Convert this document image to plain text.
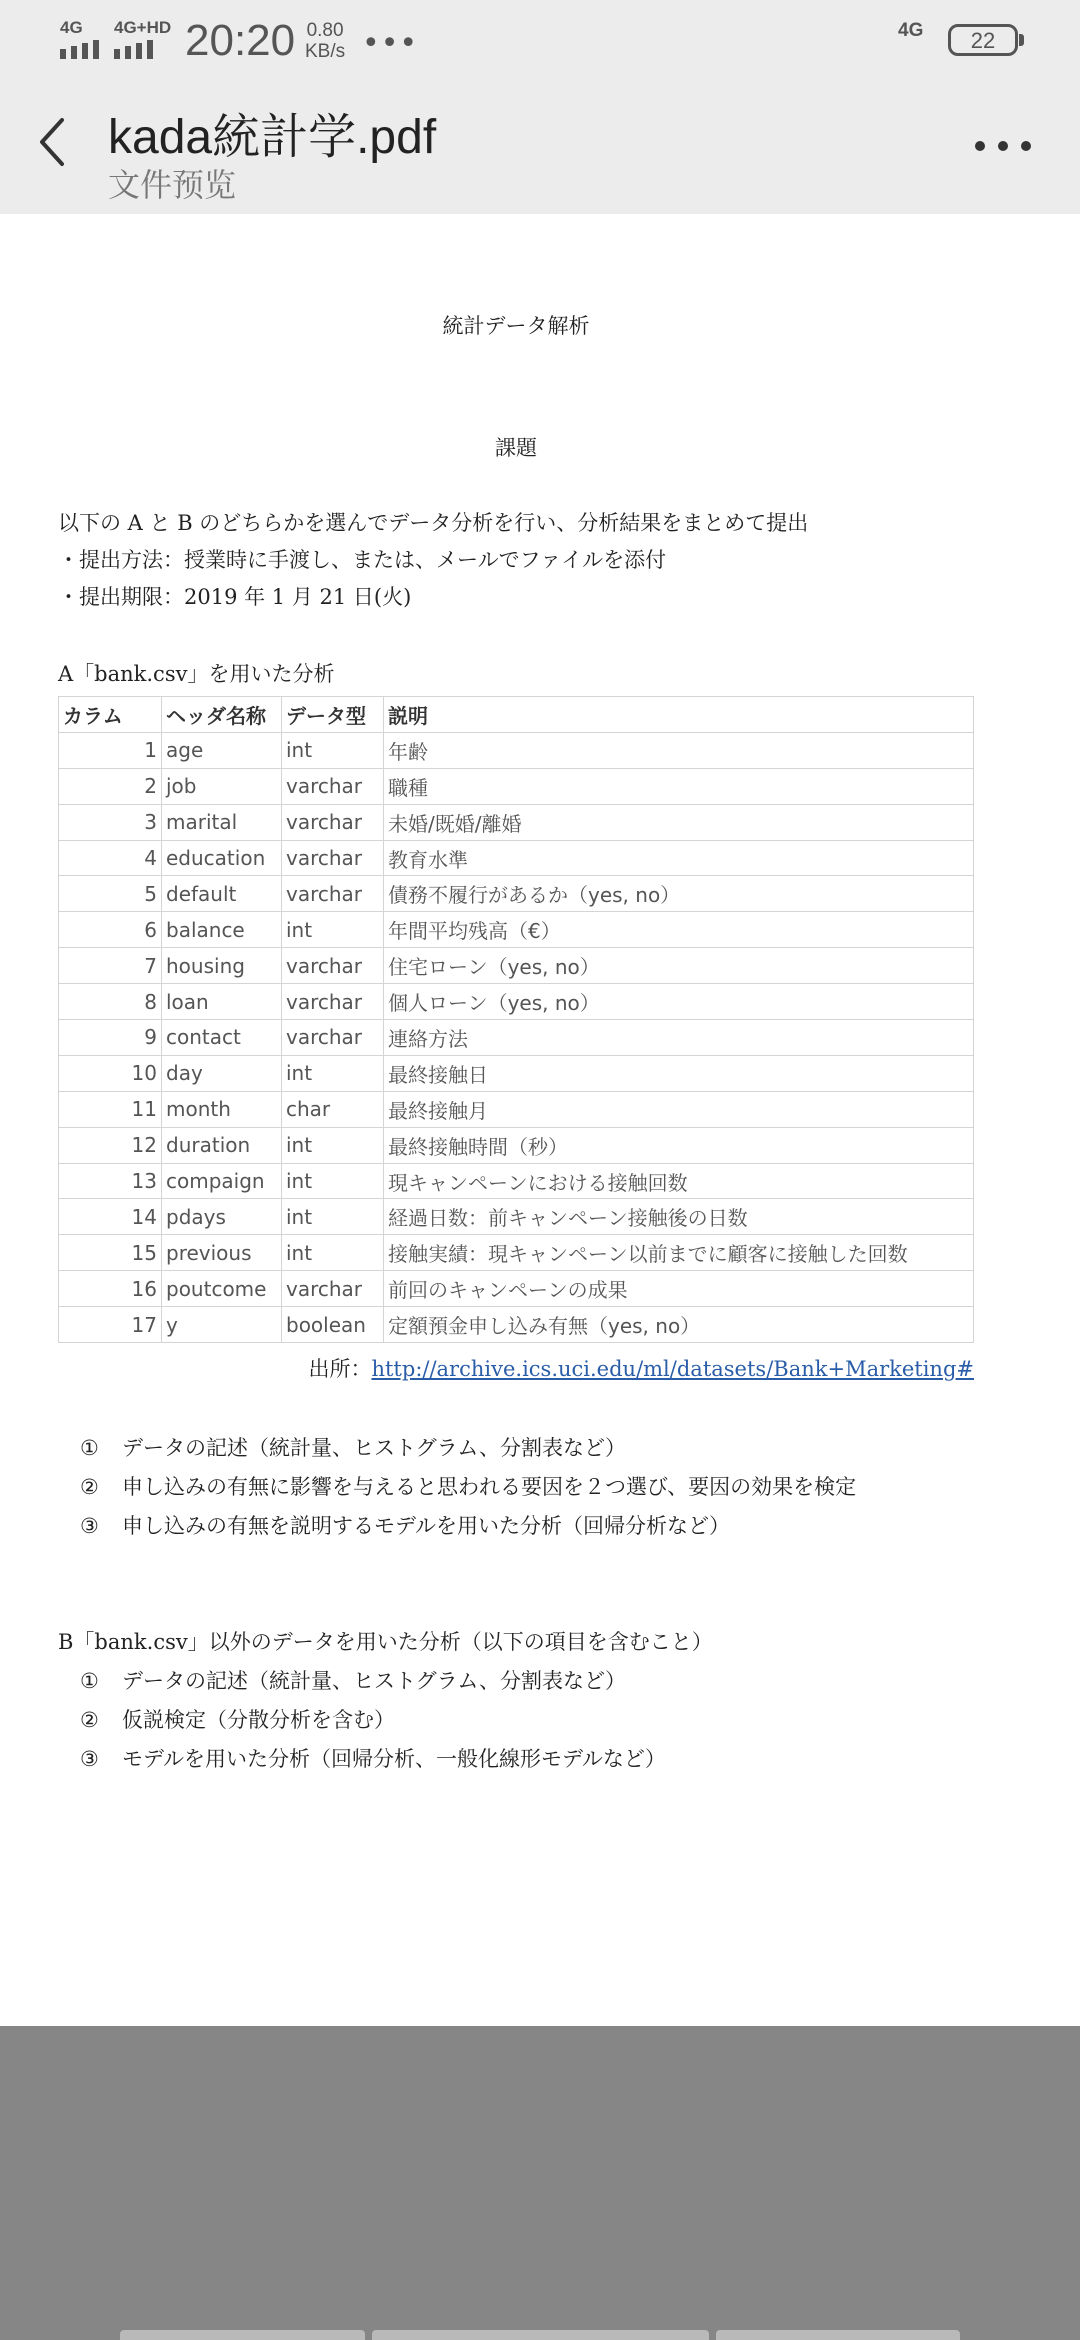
4G 4G+HD 20:20 0.80
KB/s •••	4G	22
kada統計学.pdf
文件预览
統計データ解析
課題
以下の A と B のどちらかを選んでデータ分析を行い、分析結果をまとめて提出
・提出方法：授業時に手渡し、または、メールでファイルを添付
・提出期限：2019 年 1 月 21 日(火)
A「bank.csv」を用いた分析
カラム	ヘッダ名称	データ型	説明
1	age	int	年齢
2	job	varchar	職種
3	marital	varchar	未婚/既婚/離婚
4	education	varchar	教育水準
5	default	varchar	債務不履行があるか（yes, no）
6	balance	int	年間平均残高（€）
7	housing	varchar	住宅ローン（yes, no）
8	loan	varchar	個人ローン（yes, no）
9	contact	varchar	連絡方法
10	day	int	最終接触日
11	month	char	最終接触月
12	duration	int	最終接触時間（秒）
13	compaign	int	現キャンペーンにおける接触回数
14	pdays	int	経過日数：前キャンペーン接触後の日数
15	previous	int	接触実績：現キャンペーン以前までに顧客に接触した回数
16	poutcome	varchar	前回のキャンペーンの成果
17	y	boolean	定額預金申し込み有無（yes, no）
出所：http://archive.ics.uci.edu/ml/datasets/Bank+Marketing#
① データの記述（統計量、ヒストグラム、分割表など）
② 申し込みの有無に影響を与えると思われる要因を２つ選び、要因の効果を検定
③ 申し込みの有無を説明するモデルを用いた分析（回帰分析など）
B「bank.csv」以外のデータを用いた分析（以下の項目を含むこと）
① データの記述（統計量、ヒストグラム、分割表など）
② 仮説検定（分散分析を含む）
③ モデルを用いた分析（回帰分析、一般化線形モデルなど）
